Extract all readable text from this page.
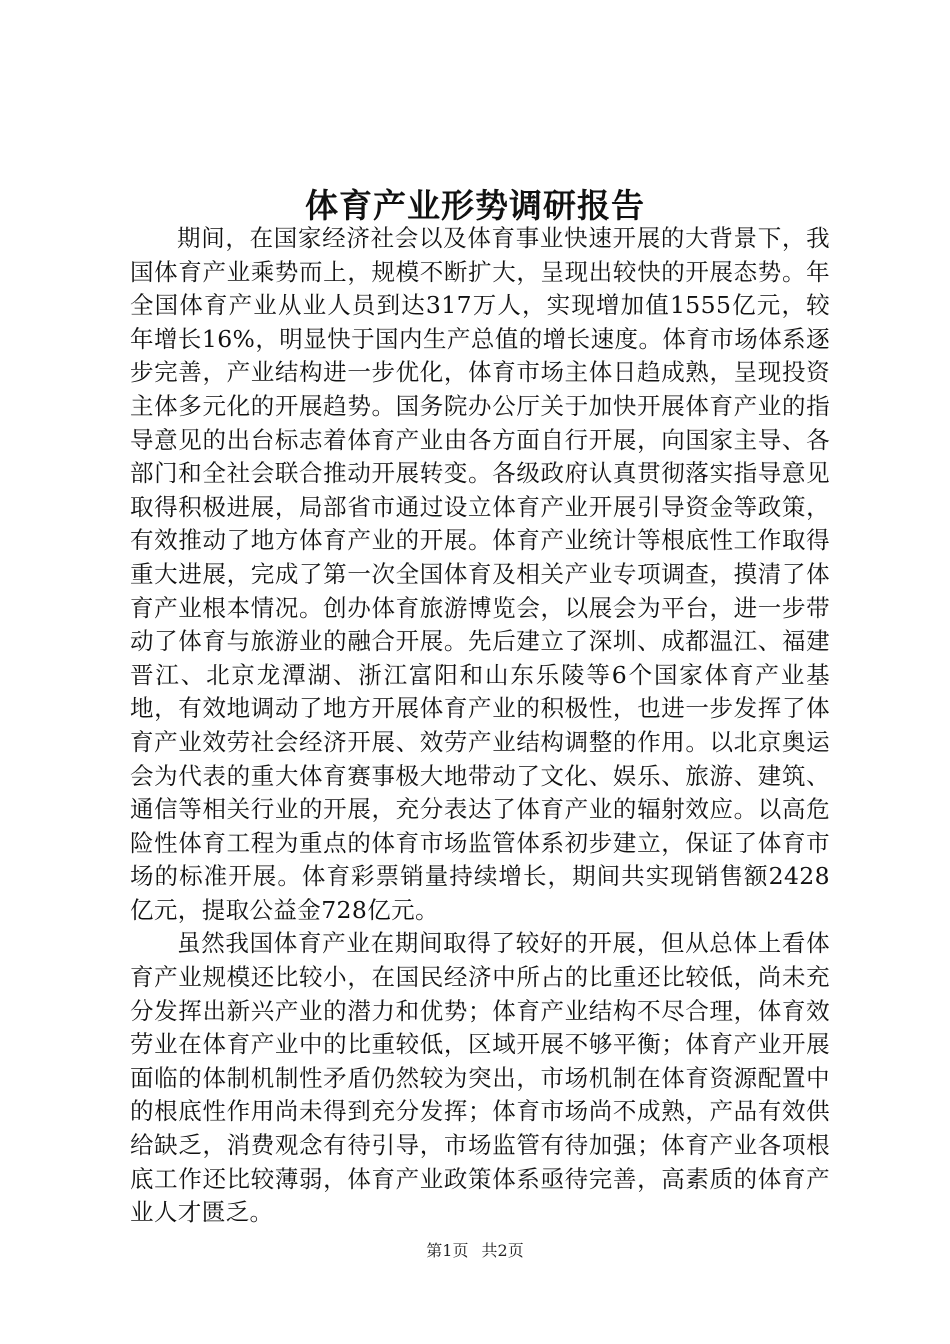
体育产业形势调研报告

期间，在国家经济社会以及体育事业快速开展的大背景下，我国体育产业乘势而上，规模不断扩大，呈现出较快的开展态势。年全国体育产业从业人员到达317万人，实现增加值1555亿元，较年增长16%，明显快于国内生产总值的增长速度。体育市场体系逐步完善，产业结构进一步优化，体育市场主体日趋成熟，呈现投资主体多元化的开展趋势。国务院办公厅关于加快开展体育产业的指导意见的出台标志着体育产业由各方面自行开展，向国家主导、各部门和全社会联合推动开展转变。各级政府认真贯彻落实指导意见取得积极进展，局部省市通过设立体育产业开展引导资金等政策，有效推动了地方体育产业的开展。体育产业统计等根底性工作取得重大进展，完成了第一次全国体育及相关产业专项调查，摸清了体育产业根本情况。创办体育旅游博览会，以展会为平台，进一步带动了体育与旅游业的融合开展。先后建立了深圳、成都温江、福建晋江、北京龙潭湖、浙江富阳和山东乐陵等6个国家体育产业基地，有效地调动了地方开展体育产业的积极性，也进一步发挥了体育产业效劳社会经济开展、效劳产业结构调整的作用。以北京奥运会为代表的重大体育赛事极大地带动了文化、娱乐、旅游、建筑、通信等相关行业的开展，充分表达了体育产业的辐射效应。以高危险性体育工程为重点的体育市场监管体系初步建立，保证了体育市场的标准开展。体育彩票销量持续增长，期间共实现销售额2428亿元，提取公益金728亿元。

虽然我国体育产业在期间取得了较好的开展，但从总体上看体育产业规模还比较小，在国民经济中所占的比重还比较低，尚未充分发挥出新兴产业的潜力和优势；体育产业结构不尽合理，体育效劳业在体育产业中的比重较低，区域开展不够平衡；体育产业开展面临的体制机制性矛盾仍然较为突出，市场机制在体育资源配置中的根底性作用尚未得到充分发挥；体育市场尚不成熟，产品有效供给缺乏，消费观念有待引导，市场监管有待加强；体育产业各项根底工作还比较薄弱，体育产业政策体系亟待完善，高素质的体育产业人才匮乏。

第1页 共2页
